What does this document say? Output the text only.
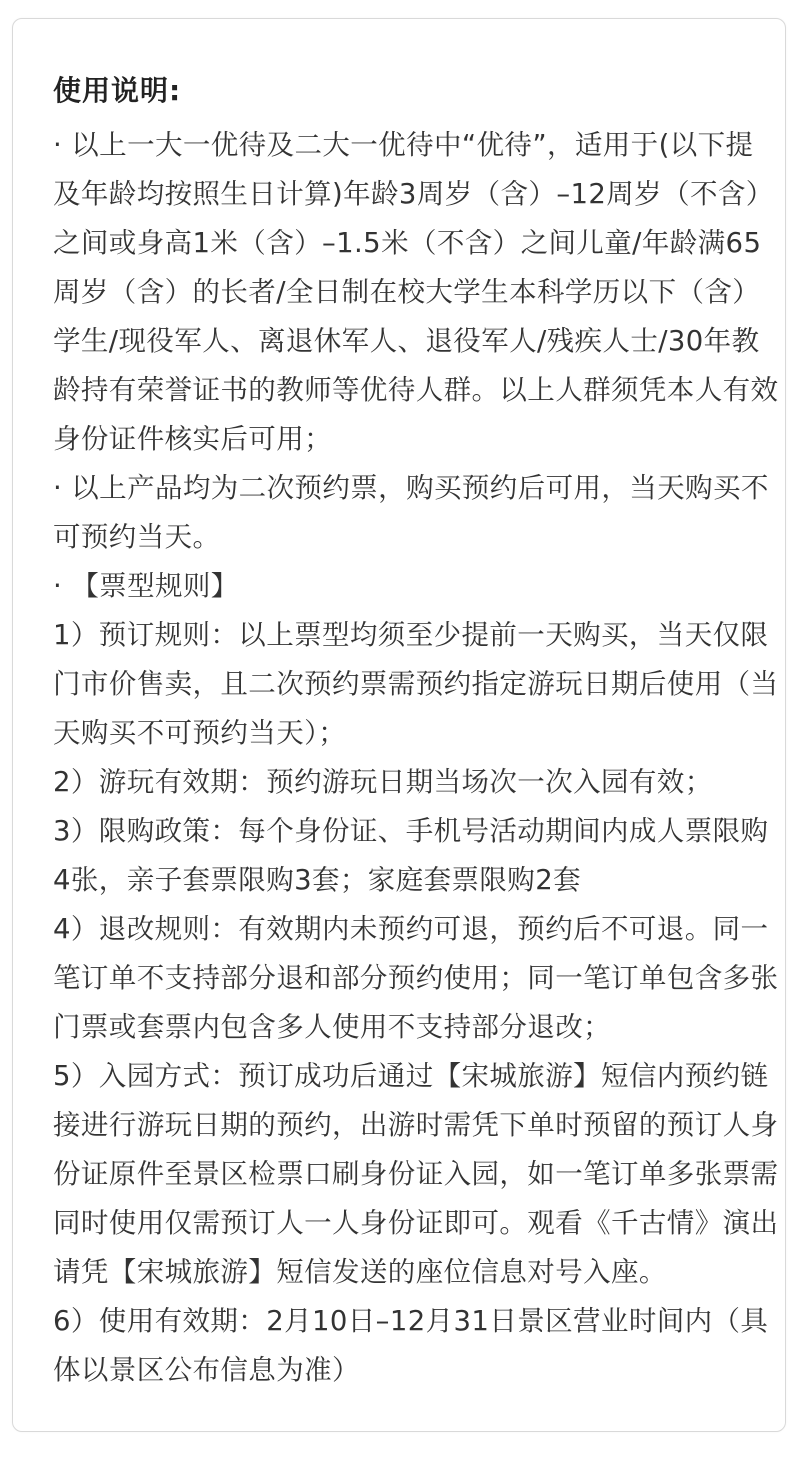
使用说明:

· 以上一大一优待及二大一优待中“优待”，适用于(以下提及年龄均按照生日计算)年龄3周岁（含）–12周岁（不含）之间或身高1米（含）–1.5米（不含）之间儿童/年龄满65周岁（含）的长者/全日制在校大学生本科学历以下（含）学生/现役军人、离退休军人、退役军人/残疾人士/30年教龄持有荣誉证书的教师等优待人群。以上人群须凭本人有效身份证件核实后可用；

· 以上产品均为二次预约票，购买预约后可用，当天购买不可预约当天。

· 【票型规则】

1）预订规则：以上票型均须至少提前一天购买，当天仅限门市价售卖，且二次预约票需预约指定游玩日期后使用（当天购买不可预约当天）；

2）游玩有效期：预约游玩日期当场次一次入园有效；

3）限购政策：每个身份证、手机号活动期间内成人票限购4张，亲子套票限购3套；家庭套票限购2套

4）退改规则：有效期内未预约可退，预约后不可退。同一笔订单不支持部分退和部分预约使用；同一笔订单包含多张门票或套票内包含多人使用不支持部分退改；

5）入园方式：预订成功后通过【宋城旅游】短信内预约链接进行游玩日期的预约，出游时需凭下单时预留的预订人身份证原件至景区检票口刷身份证入园，如一笔订单多张票需同时使用仅需预订人一人身份证即可。观看《千古情》演出请凭【宋城旅游】短信发送的座位信息对号入座。

6）使用有效期：2月10日–12月31日景区营业时间内（具体以景区公布信息为准）
